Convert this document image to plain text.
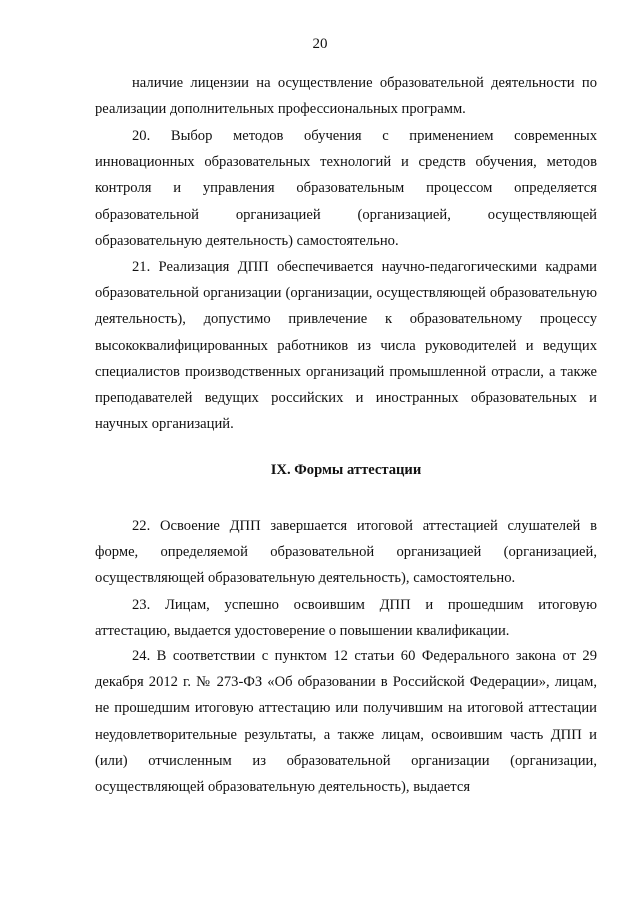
20

наличие лицензии на осуществление образовательной деятельности по реализации дополнительных профессиональных программ.

20. Выбор методов обучения с применением современных инновационных образовательных технологий и средств обучения, методов контроля и управления образовательным процессом определяется образовательной организацией (организацией, осуществляющей образовательную деятельность) самостоятельно.

21. Реализация ДПП обеспечивается научно-педагогическими кадрами образовательной организации (организации, осуществляющей образовательную деятельность), допустимо привлечение к образовательному процессу высококвалифицированных работников из числа руководителей и ведущих специалистов производственных организаций промышленной отрасли, а также преподавателей ведущих российских и иностранных образовательных и научных организаций.

IX. Формы аттестации

22. Освоение ДПП завершается итоговой аттестацией слушателей в форме, определяемой образовательной организацией (организацией, осуществляющей образовательную деятельность), самостоятельно.

23. Лицам, успешно освоившим ДПП и прошедшим итоговую аттестацию, выдается удостоверение о повышении квалификации.

24. В соответствии с пунктом 12 статьи 60 Федерального закона от 29 декабря 2012 г. № 273-ФЗ «Об образовании в Российской Федерации», лицам, не прошедшим итоговую аттестацию или получившим на итоговой аттестации неудовлетворительные результаты, а также лицам, освоившим часть ДПП и (или) отчисленным из образовательной организации (организации, осуществляющей образовательную деятельность), выдается
